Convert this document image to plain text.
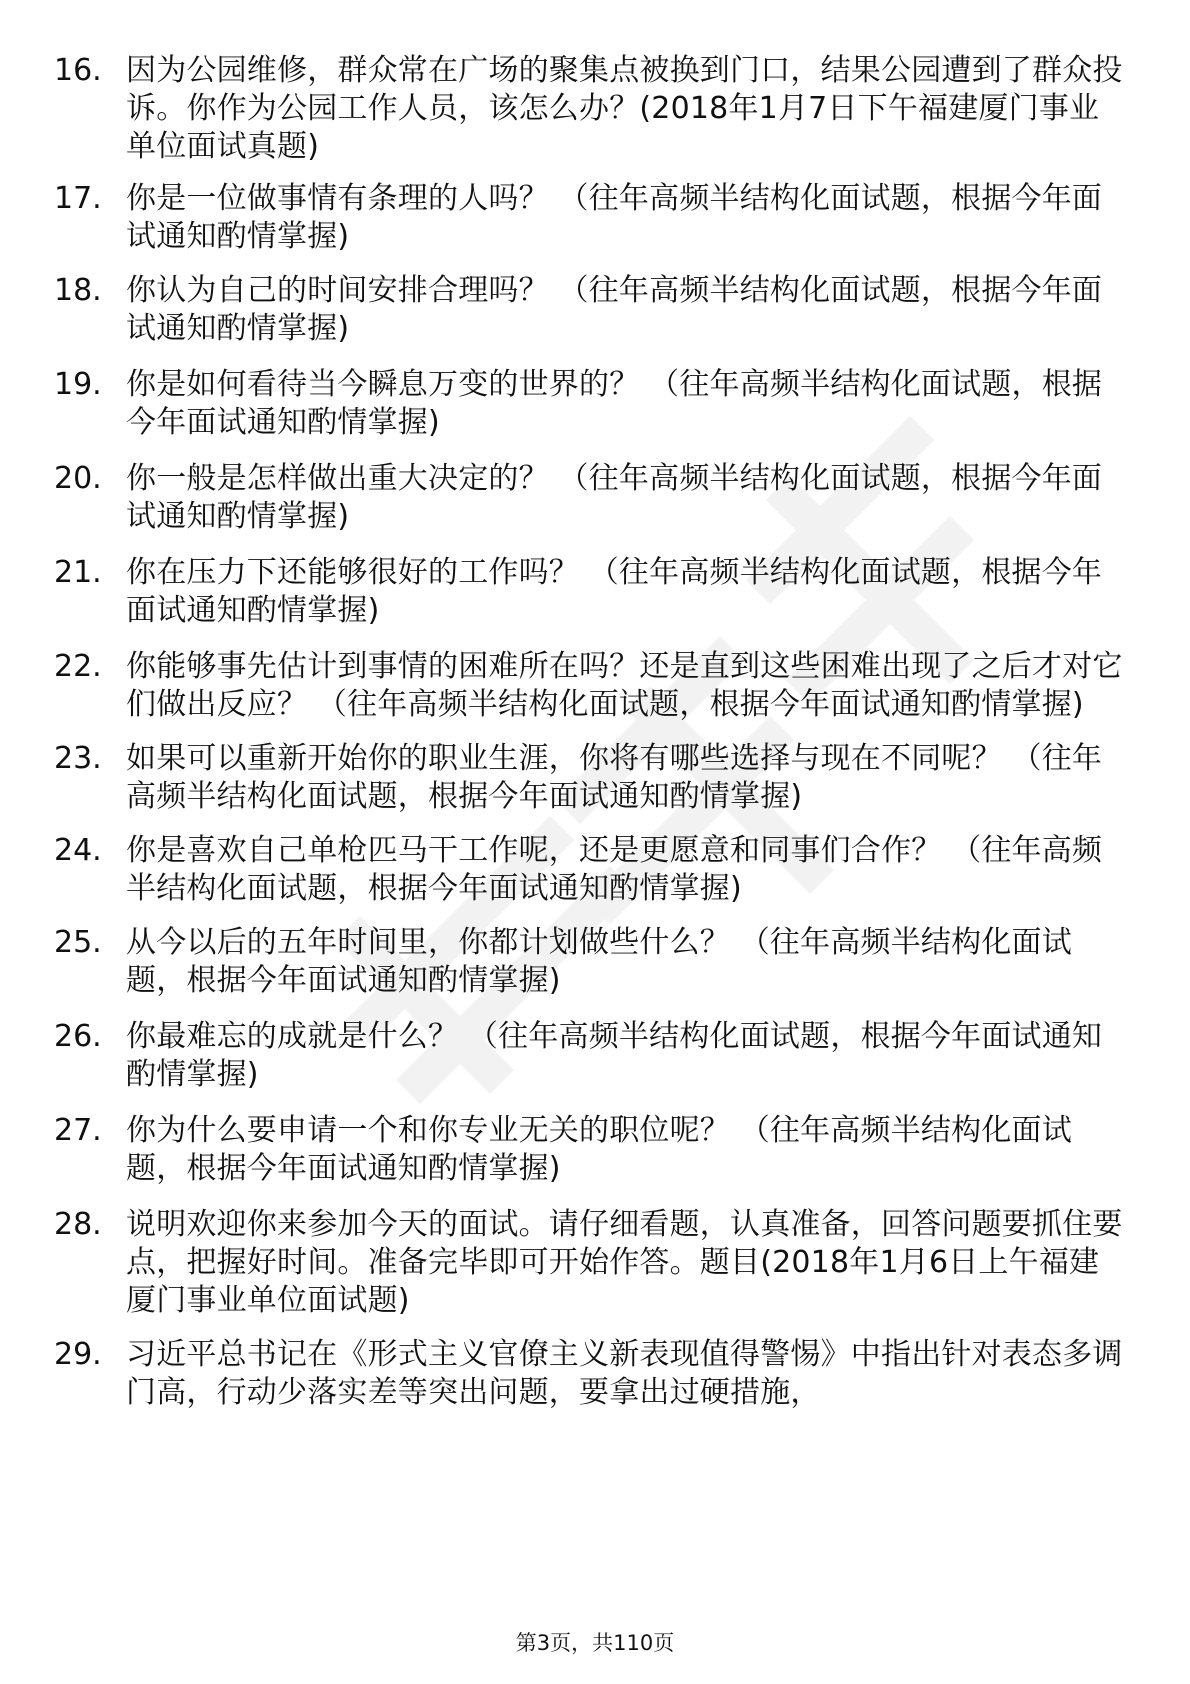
16. 因为公园维修，群众常在广场的聚集点被换到门口，结果公园遭到了群众投诉。你作为公园工作人员，该怎么办？(2018年1月7日下午福建厦门事业单位面试真题)
17. 你是一位做事情有条理的人吗？ （往年高频半结构化面试题，根据今年面试通知酌情掌握)
18. 你认为自己的时间安排合理吗？ （往年高频半结构化面试题，根据今年面试通知酌情掌握)
19. 你是如何看待当今瞬息万变的世界的？ （往年高频半结构化面试题，根据今年面试通知酌情掌握)
20. 你一般是怎样做出重大决定的？ （往年高频半结构化面试题，根据今年面试通知酌情掌握)
21. 你在压力下还能够很好的工作吗？ （往年高频半结构化面试题，根据今年面试通知酌情掌握)
22. 你能够事先估计到事情的困难所在吗？还是直到这些困难出现了之后才对它们做出反应？ （往年高频半结构化面试题，根据今年面试通知酌情掌握)
23. 如果可以重新开始你的职业生涯，你将有哪些选择与现在不同呢？ （往年高频半结构化面试题，根据今年面试通知酌情掌握)
24. 你是喜欢自己单枪匹马干工作呢，还是更愿意和同事们合作？ （往年高频半结构化面试题，根据今年面试通知酌情掌握)
25. 从今以后的五年时间里，你都计划做些什么？ （往年高频半结构化面试题，根据今年面试通知酌情掌握)
26. 你最难忘的成就是什么？ （往年高频半结构化面试题，根据今年面试通知酌情掌握)
27. 你为什么要申请一个和你专业无关的职位呢？ （往年高频半结构化面试题，根据今年面试通知酌情掌握)
28. 说明欢迎你来参加今天的面试。请仔细看题，认真准备，回答问题要抓住要点，把握好时间。准备完毕即可开始作答。题目(2018年1月6日上午福建厦门事业单位面试题)
29. 习近平总书记在《形式主义官僚主义新表现值得警惕》中指出针对表态多调门高，行动少落实差等突出问题，要拿出过硬措施，
第3页，共110页
